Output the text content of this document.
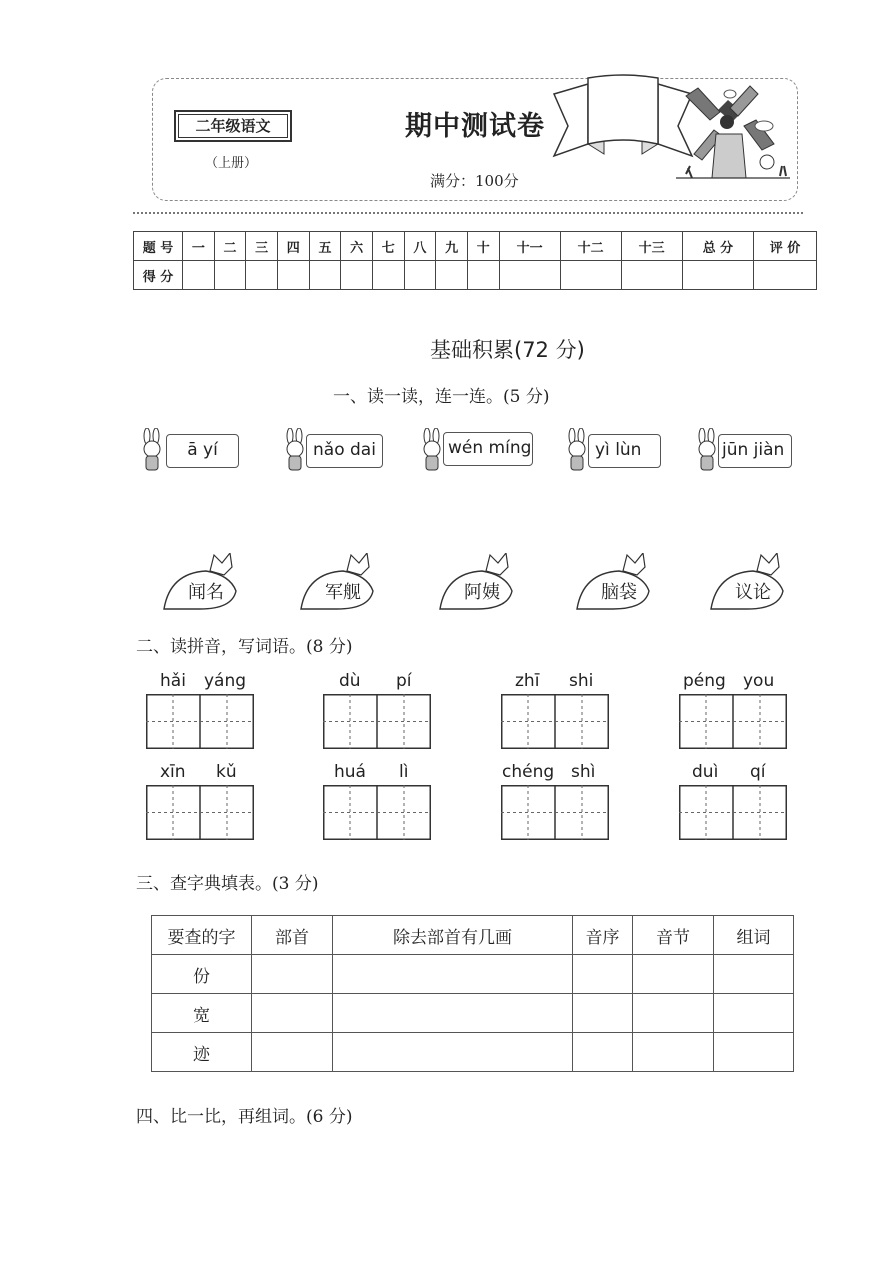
二年级语文
（上册）
期中测试卷
满分：100分
题 号	一	二	三	四	五	六	七	八	九	十	十一	十二	十三	总 分	评 价
得 分															
基础积累(72 分)
一、读一读，连一连。(5 分)
ā yí	nǎo dai	wén míng	yì lùn	jūn jiàn
闻名	军舰	阿姨	脑袋	议论
二、读拼音，写词语。(8 分)
hǎi yáng	dù pí	zhī shi	péng you
xīn kǔ	huá lì	chéng shì	duì qí
三、查字典填表。(3 分)
要查的字	部首	除去部首有几画	音序	音节	组词
份					
宽					
迹					
四、比一比，再组词。(6 分)
